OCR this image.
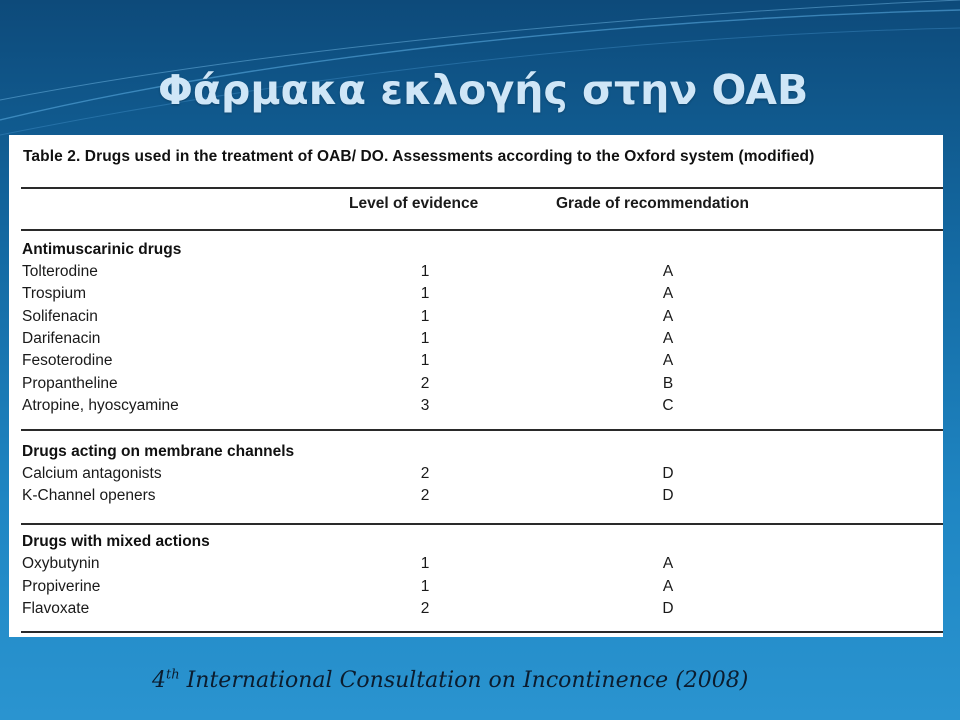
Φάρμακα εκλογής στην OAB
Table 2. Drugs used in the treatment of OAB/ DO. Assessments according to the Oxford system (modified)
Level of evidence	Grade of recommendation
Antimuscarinic drugs
Tolterodine	1	A
Trospium	1	A
Solifenacin	1	A
Darifenacin	1	A
Fesoterodine	1	A
Propantheline	2	B
Atropine, hyoscyamine	3	C
Drugs acting on membrane channels
Calcium antagonists	2	D
K-Channel openers	2	D
Drugs with mixed actions
Oxybutynin	1	A
Propiverine	1	A
Flavoxate	2	D
4th International Consultation on Incontinence (2008)
